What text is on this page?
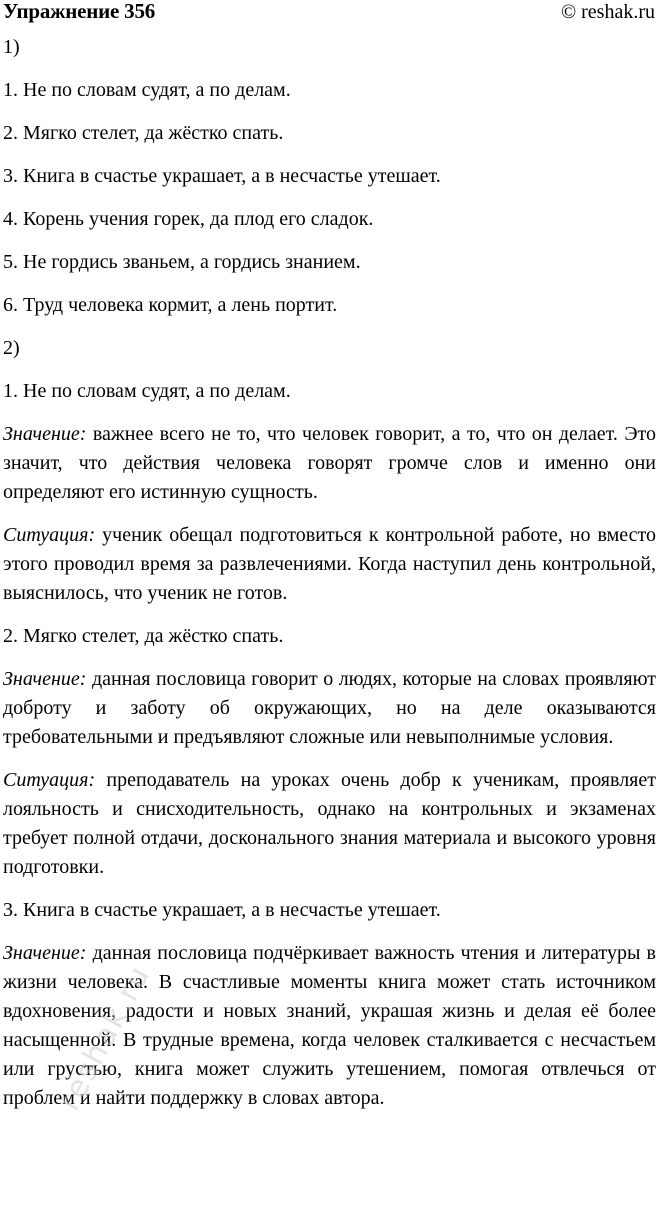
Упражнение 356	© reshak.ru

1)

1. Не по словам судят, а по делам.

2. Мягко стелет, да жёстко спать.

3. Книга в счастье украшает, а в несчастье утешает.

4. Корень учения горек, да плод его сладок.

5. Не гордись званьем, а гордись знанием.

6. Труд человека кормит, а лень портит.

2)

1. Не по словам судят, а по делам.

Значение: важнее всего не то, что человек говорит, а то, что он делает. Это значит, что действия человека говорят громче слов и именно они определяют его истинную сущность.

Ситуация: ученик обещал подготовиться к контрольной работе, но вместо этого проводил время за развлечениями. Когда наступил день контрольной, выяснилось, что ученик не готов.

2. Мягко стелет, да жёстко спать.

Значение: данная пословица говорит о людях, которые на словах проявляют доброту и заботу об окружающих, но на деле оказываются требовательными и предъявляют сложные или невыполнимые условия.

Ситуация: преподаватель на уроках очень добр к ученикам, проявляет лояльность и снисходительность, однако на контрольных и экзаменах требует полной отдачи, досконального знания материала и высокого уровня подготовки.

3. Книга в счастье украшает, а в несчастье утешает.

Значение: данная пословица подчёркивает важность чтения и литературы в жизни человека. В счастливые моменты книга может стать источником вдохновения, радости и новых знаний, украшая жизнь и делая её более насыщенной. В трудные времена, когда человек сталкивается с несчастьем или грустью, книга может служить утешением, помогая отвлечься от проблем и найти поддержку в словах автора.

reshak.ru
